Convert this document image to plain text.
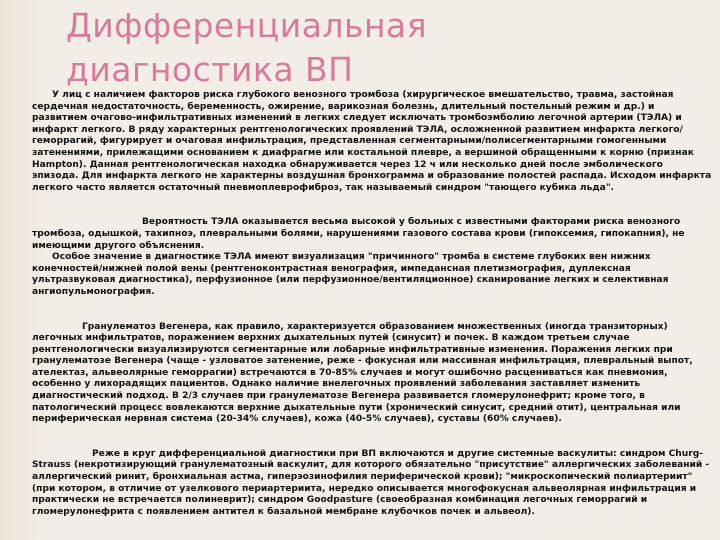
Дифференциальная
диагностика ВП

У лиц с наличием факторов риска глубокого венозного тромбоза (хирургическое вмешательство, травма, застойная сердечная недостаточность, беременность, ожирение, варикозная болезнь, длительный постельный режим и др.) и развитием очагово-инфильтративных изменений в легких следует исключать тромбоэмболию легочной артерии (ТЭЛА) и инфаркт легкого. В ряду характерных рентгенологических проявлений ТЭЛА, осложненной развитием инфаркта легкого/геморрагий, фигурирует и очаговая инфильтрация, представленная сегментарными/полисегментарными гомогенными затенениями, прилежащими основанием к диафрагме или костальной плевре, а вершиной обращенными к корню (признак Hampton). Данная рентгенологическая находка обнаруживается через 12 ч или несколько дней после эмболического эпизода. Для инфаркта легкого не характерны воздушная бронхограмма и образование полостей распада. Исходом инфаркта легкого часто является остаточный пневмоплеврофиброз, так называемый синдром "тающего кубика льда".

Вероятность ТЭЛА оказывается весьма высокой у больных с известными факторами риска венозного тромбоза, одышкой, тахипноэ, плевральными болями, нарушениями газового состава крови (гипоксемия, гипокапния), не имеющими другого объяснения.

Особое значение в диагностике ТЭЛА имеют визуализация "причинного" тромба в системе глубоких вен нижних конечностей/нижней полой вены (рентгеноконтрастная венография, импедансная плетизмография, дуплексная ультразвуковая диагностика), перфузионное (или перфузионное/вентиляционное) сканирование легких и селективная ангиопульмонография.

Гранулематоз Вегенера, как правило, характеризуется образованием множественных (иногда транзиторных) легочных инфильтратов, поражением верхних дыхательных путей (синусит) и почек. В каждом третьем случае рентгенологически визуализируются сегментарные или лобарные инфильтративные изменения. Поражения легких при гранулематозе Вегенера (чаще - узловатое затенение, реже - фокусная или массивная инфильтрация, плевральный выпот, ателектаз, альвеолярные геморрагии) встречаются в 70-85% случаев и могут ошибочно расцениваться как пневмония, особенно у лихорадящих пациентов. Однако наличие внелегочных проявлений заболевания заставляет изменить диагностический подход. В 2/3 случаев при гранулематозе Вегенера развивается гломерулонефрит; кроме того, в патологический процесс вовлекаются верхние дыхательные пути (хронический синусит, средний отит), центральная или периферическая нервная система (20-34% случаев), кожа (40-5% случаев), суставы (60% случаев).

Реже в круг дифференциальной диагностики при ВП включаются и другие системные васкулиты: синдром Churg-Strauss (некротизирующий гранулематозный васкулит, для которого обязательно "присутствие" аллергических заболеваний - аллергический ринит, бронхиальная астма, гиперэозинофилия периферической крови); "микроскопический полиартериит" (при котором, в отличие от узелкового периартериита, нередко описывается многофокусная альвеолярная инфильтрация и практически не встречается полиневрит); синдром Goodpasture (своеобразная комбинация легочных геморрагий и гломерулонефрита с появлением антител к базальной мембране клубочков почек и альвеол).
